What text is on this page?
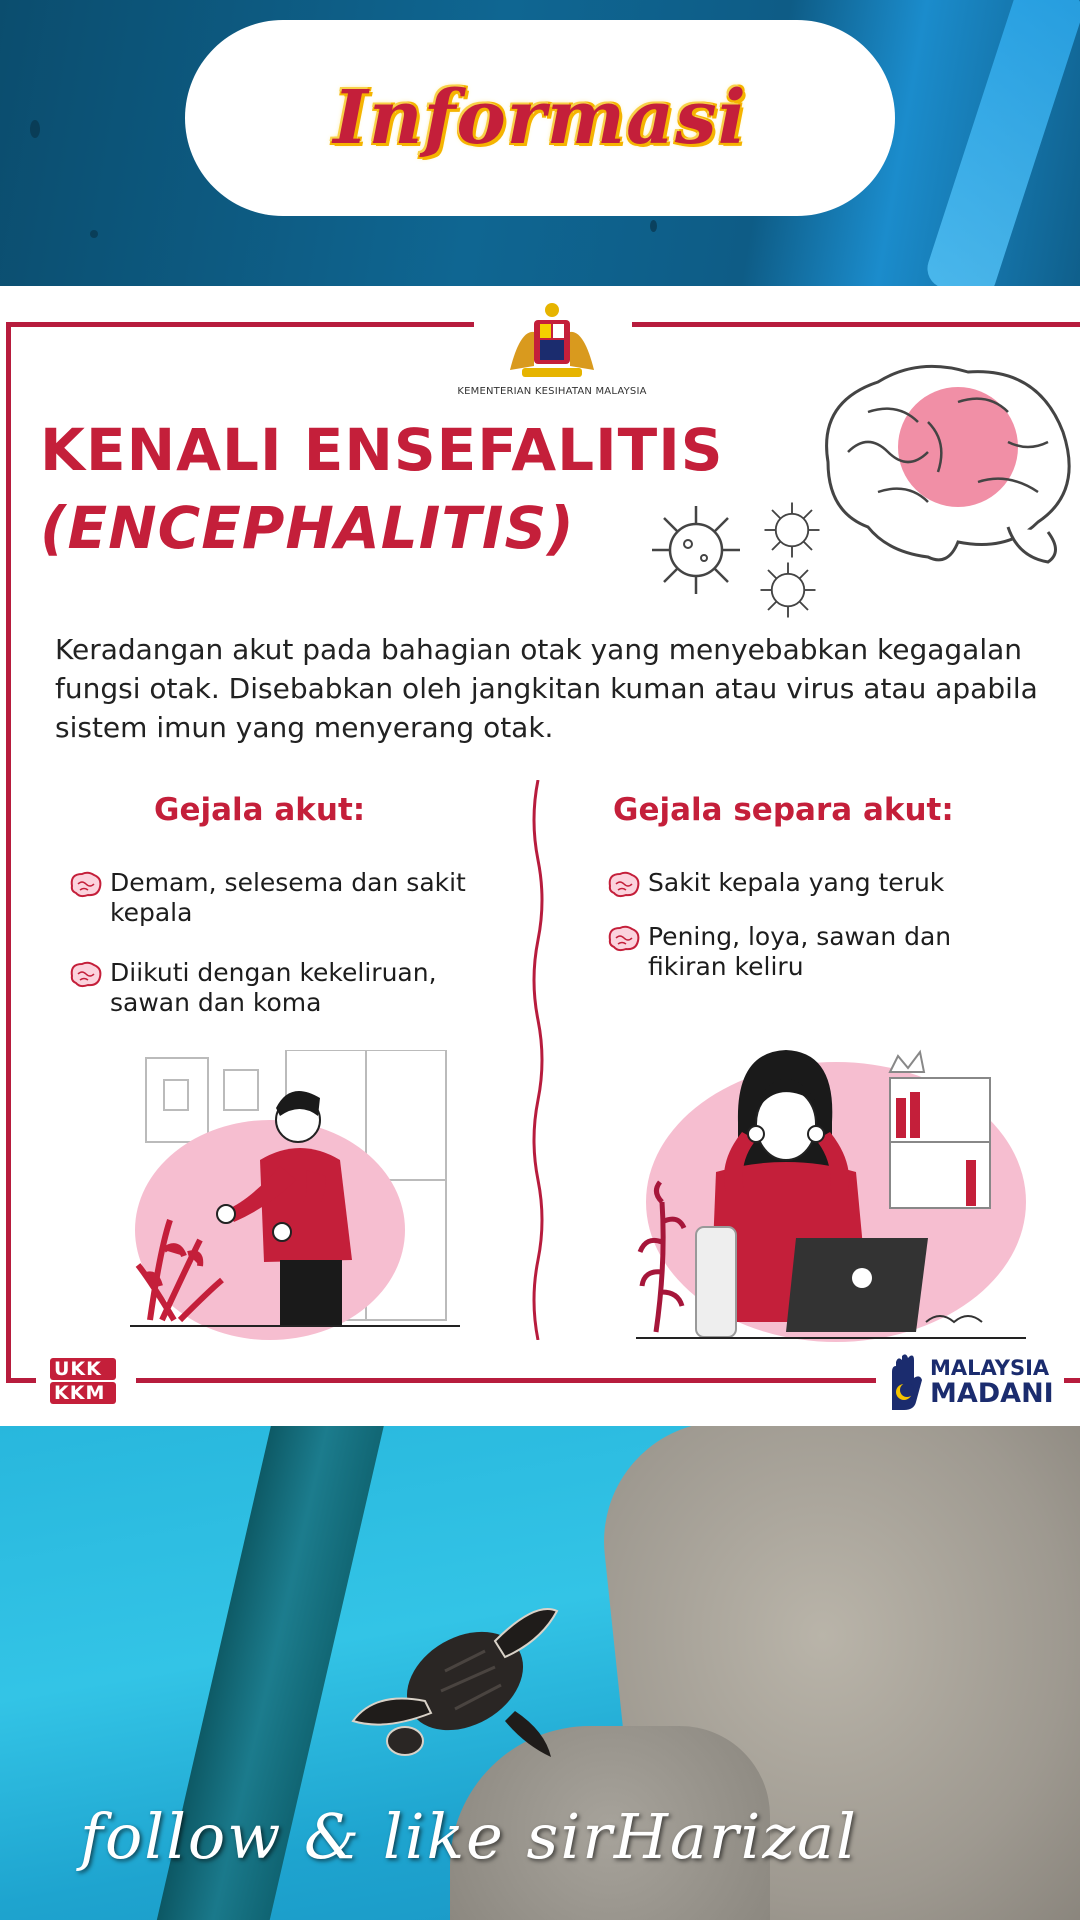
Informasi
KEMENTERIAN KESIHATAN MALAYSIA
KENALI ENSEFALITIS
(ENCEPHALITIS)
Keradangan akut pada bahagian otak yang menyebabkan kegagalan fungsi otak. Disebabkan oleh jangkitan kuman atau virus atau apabila sistem imun yang menyerang otak.
Gejala akut:	Gejala separa akut:
Demam, selesema dan sakit kepala
Diikuti dengan kekeliruan, sawan dan koma
Sakit kepala yang teruk
Pening, loya, sawan dan fikiran keliru
UKK
KKM
MALAYSIA
MADANI
follow & like sirHarizal
